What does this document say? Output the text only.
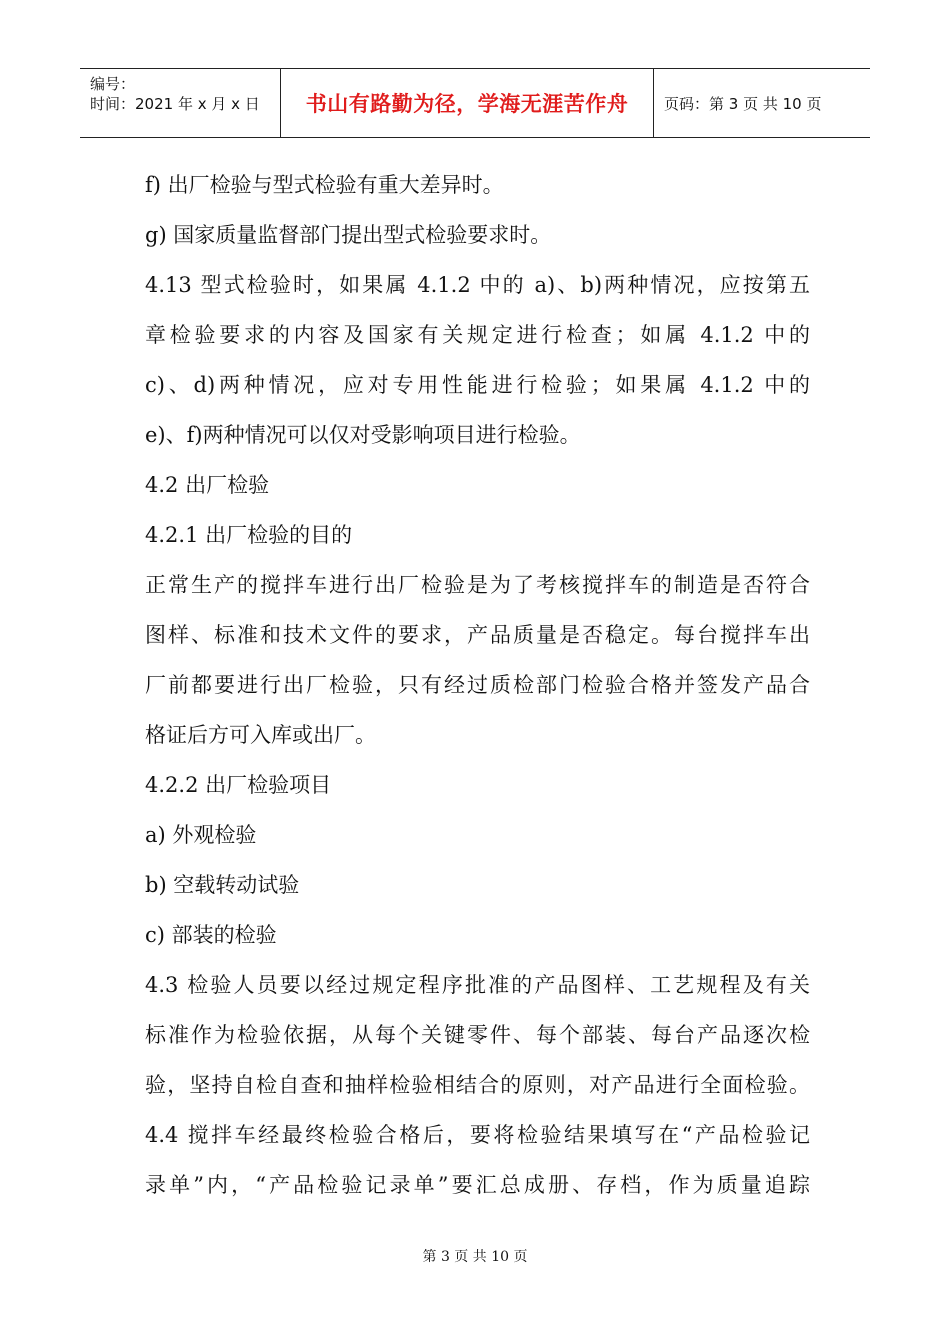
编号：
时间：2021 年 x 月 x 日 书山有路勤为径，学海无涯苦作舟 页码：第 3 页 共 10 页
f) 出厂检验与型式检验有重大差异时。
g) 国家质量监督部门提出型式检验要求时。
4.13 型式检验时，如果属 4.1.2 中的 a)、b)两种情况，应按第五
章检验要求的内容及国家有关规定进行检查；如属 4.1.2 中的
c)、d)两种情况，应对专用性能进行检验；如果属 4.1.2 中的
e)、f)两种情况可以仅对受影响项目进行检验。
4.2 出厂检验
4.2.1 出厂检验的目的
正常生产的搅拌车进行出厂检验是为了考核搅拌车的制造是否符合
图样、标准和技术文件的要求，产品质量是否稳定。每台搅拌车出
厂前都要进行出厂检验，只有经过质检部门检验合格并签发产品合
格证后方可入库或出厂。
4.2.2 出厂检验项目
a) 外观检验
b) 空载转动试验
c) 部装的检验
4.3 检验人员要以经过规定程序批准的产品图样、工艺规程及有关
标准作为检验依据，从每个关键零件、每个部装、每台产品逐次检
验，坚持自检自查和抽样检验相结合的原则，对产品进行全面检验。
4.4 搅拌车经最终检验合格后，要将检验结果填写在“产品检验记
录单”内，“产品检验记录单”要汇总成册、存档，作为质量追踪
第 3 页 共 10 页
